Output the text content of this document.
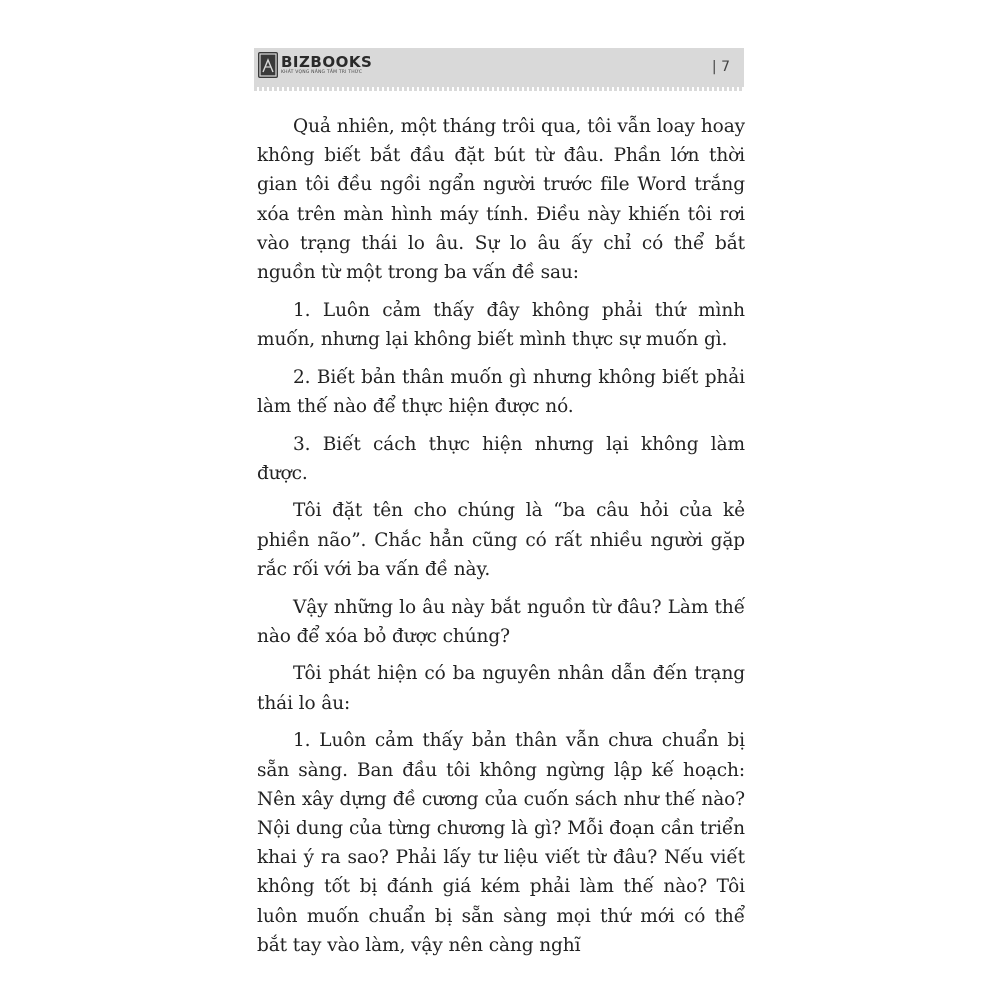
BIZBOOKS
KHÁT VỌNG NÂNG TẦM TRI THỨC	| 7

Quả nhiên, một tháng trôi qua, tôi vẫn loay hoay không biết bắt đầu đặt bút từ đâu. Phần lớn thời gian tôi đều ngồi ngẩn người trước file Word trắng xóa trên màn hình máy tính. Điều này khiến tôi rơi vào trạng thái lo âu. Sự lo âu ấy chỉ có thể bắt nguồn từ một trong ba vấn đề sau:

1. Luôn cảm thấy đây không phải thứ mình muốn, nhưng lại không biết mình thực sự muốn gì.

2. Biết bản thân muốn gì nhưng không biết phải làm thế nào để thực hiện được nó.

3. Biết cách thực hiện nhưng lại không làm được.

Tôi đặt tên cho chúng là “ba câu hỏi của kẻ phiền não”. Chắc hẳn cũng có rất nhiều người gặp rắc rối với ba vấn đề này.

Vậy những lo âu này bắt nguồn từ đâu? Làm thế nào để xóa bỏ được chúng?

Tôi phát hiện có ba nguyên nhân dẫn đến trạng thái lo âu:

1. Luôn cảm thấy bản thân vẫn chưa chuẩn bị sẵn sàng. Ban đầu tôi không ngừng lập kế hoạch: Nên xây dựng đề cương của cuốn sách như thế nào? Nội dung của từng chương là gì? Mỗi đoạn cần triển khai ý ra sao? Phải lấy tư liệu viết từ đâu? Nếu viết không tốt bị đánh giá kém phải làm thế nào? Tôi luôn muốn chuẩn bị sẵn sàng mọi thứ mới có thể bắt tay vào làm, vậy nên càng nghĩ
